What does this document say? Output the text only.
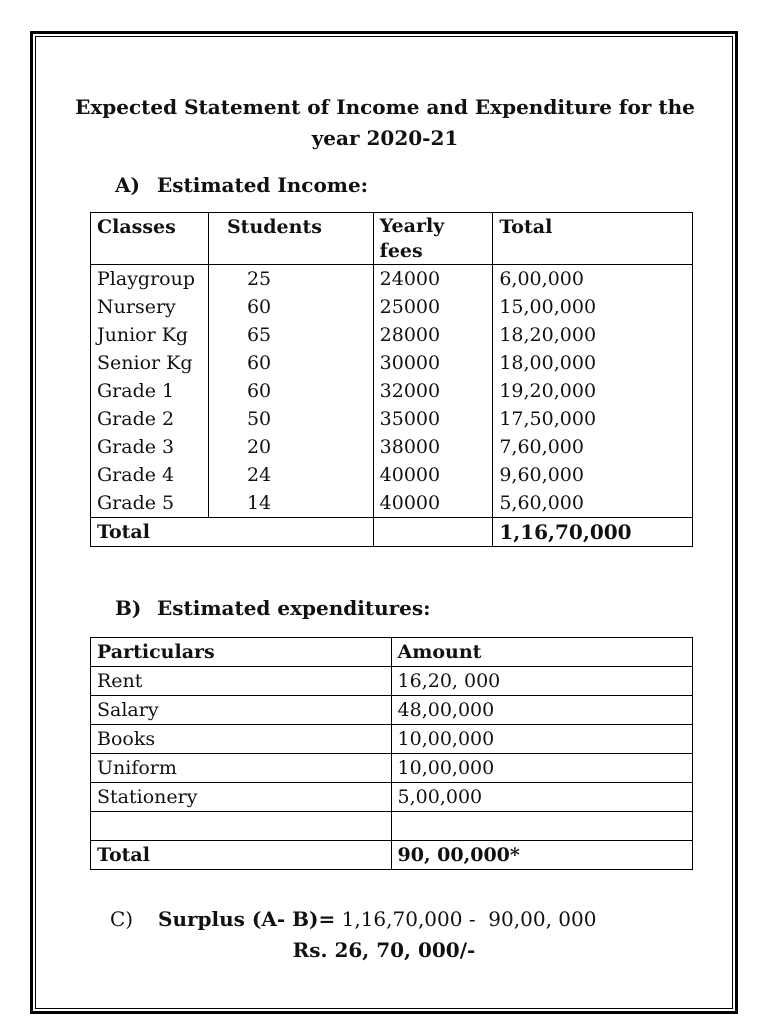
Expected Statement of Income and Expenditure for the year 2020-21
A) Estimated Income:
Classes	Students	Yearly fees	Total
Playgroup	25	24000	6,00,000
Nursery	60	25000	15,00,000
Junior Kg	65	28000	18,20,000
Senior Kg	60	30000	18,00,000
Grade 1	60	32000	19,20,000
Grade 2	50	35000	17,50,000
Grade 3	20	38000	7,60,000
Grade 4	24	40000	9,60,000
Grade 5	14	40000	5,60,000
Total			1,16,70,000
B) Estimated expenditures:
Particulars	Amount
Rent	16,20, 000
Salary	48,00,000
Books	10,00,000
Uniform	10,00,000
Stationery	5,00,000

Total	90, 00,000*
C) Surplus (A- B)= 1,16,70,000 -  90,00, 000
Rs. 26, 70, 000/-
